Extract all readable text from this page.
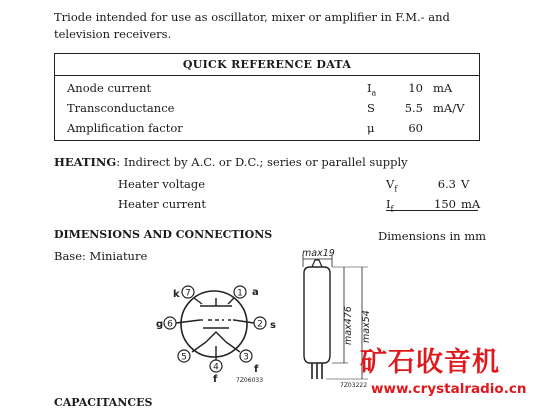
Triode intended for use as oscillator, mixer or amplifier in F.M.- and television receivers.
QUICK REFERENCE DATA
Anode current	$I_a$	10 mA
Transconductance	S	5.5 mA/V
Amplification factor	μ	60
HEATING: Indirect by A.C. or D.C.; series or parallel supply
Heater voltage	$V_f$	6.3 V
Heater current	$I_f$	150 mA
DIMENSIONS AND CONNECTIONS	Dimensions in mm
Base: Miniature
k 7	1 a
g 6	2 s
5	3
f
4
f	7Z06033
max19
max476 max54
7Z03222
CAPACITANCES
矿石收音机
www.crystalradio.cn
